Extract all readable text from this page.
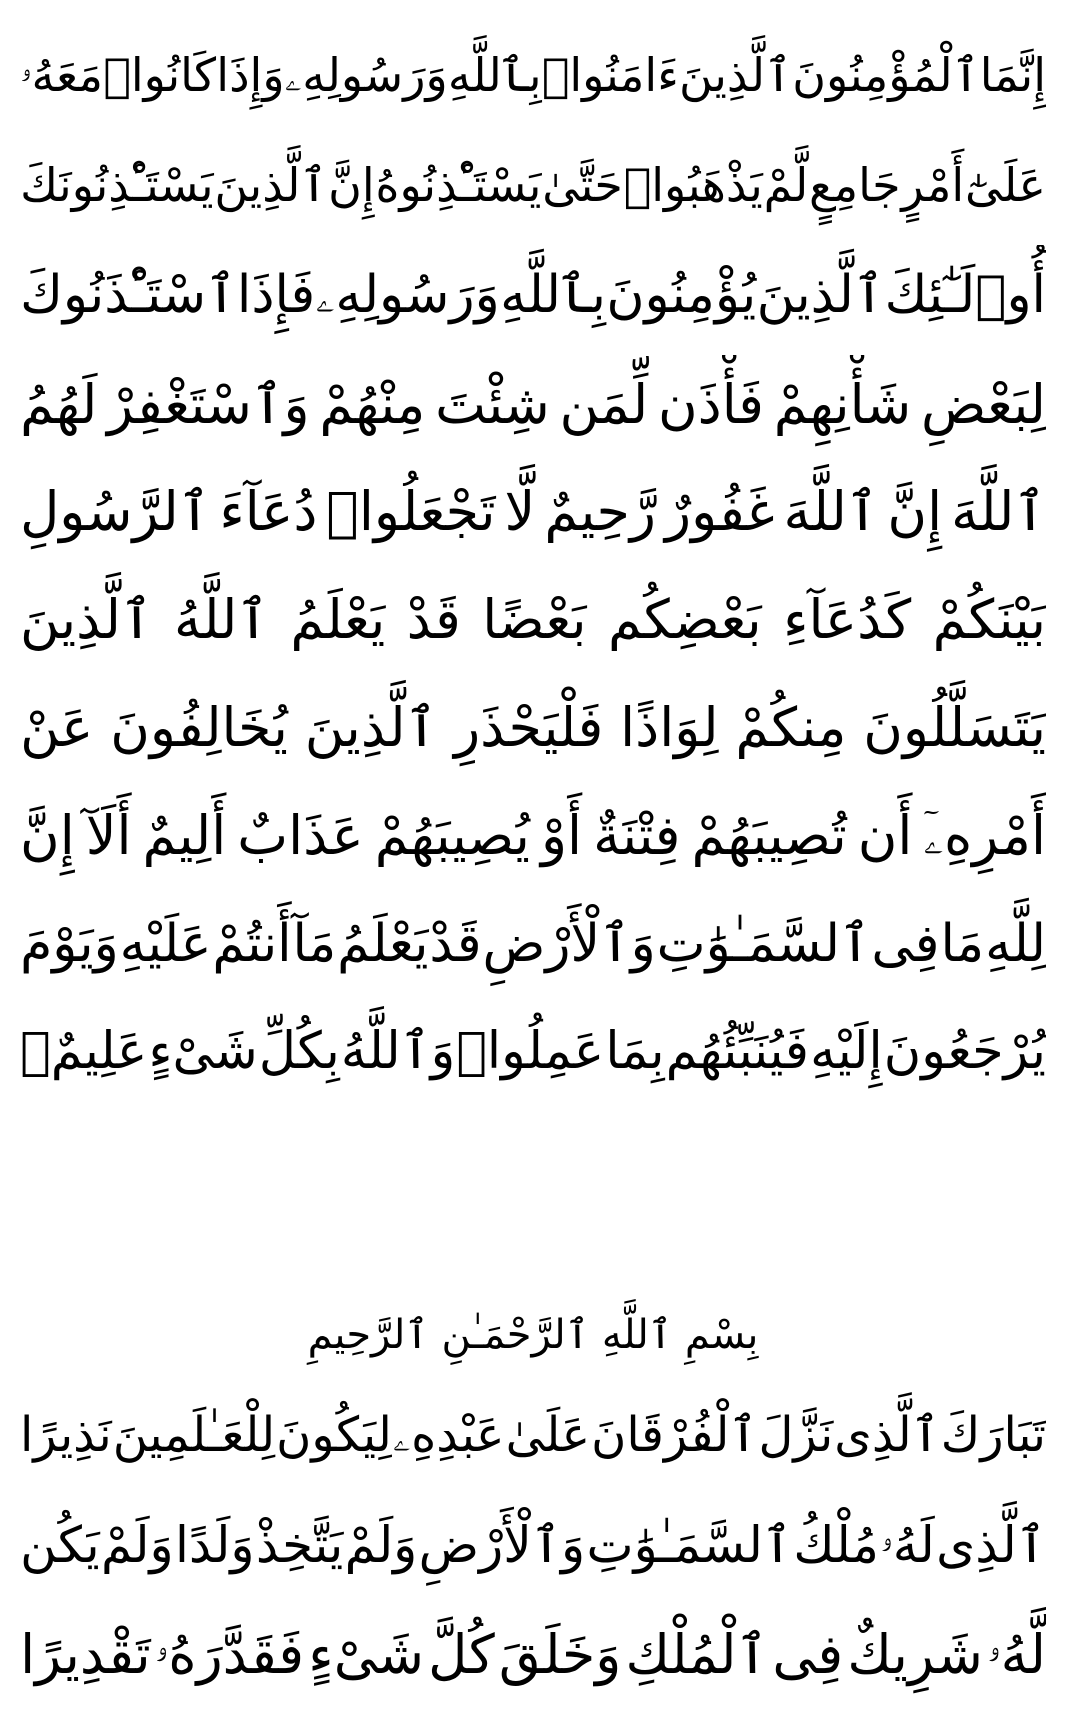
إِنَّمَا
ٱلْمُؤْمِنُونَ
ٱلَّذِينَ
ءَامَنُوا۟
بِٱللَّهِ
وَرَسُولِهِۦ
وَإِذَا
كَانُوا۟
مَعَهُۥ
عَلَىٰٓ
أَمْرٍ
جَامِعٍ
لَّمْ
يَذْهَبُوا۟
حَتَّىٰ
يَسْتَـْٔذِنُوهُ
إِنَّ
ٱلَّذِينَ
يَسْتَـْٔذِنُونَكَ
أُو۟لَـٰٓئِكَ
ٱلَّذِينَ
يُؤْمِنُونَ
بِٱللَّهِ
وَرَسُولِهِۦ
فَإِذَا
ٱسْتَـْٔذَنُوكَ
لِبَعْضِ
شَأْنِهِمْ
فَأْذَن
لِّمَن
شِئْتَ
مِنْهُمْ
وَٱسْتَغْفِرْ
لَهُمُ
ٱللَّهَ
إِنَّ
ٱللَّهَ
غَفُورٌ
رَّحِيمٌ
لَّا
تَجْعَلُوا۟
دُعَآءَ
ٱلرَّسُولِ
بَيْنَكُمْ
كَدُعَآءِ
بَعْضِكُم
بَعْضًا
قَدْ
يَعْلَمُ
ٱللَّهُ
ٱلَّذِينَ
يَتَسَلَّلُونَ
مِنكُمْ
لِوَاذًا
فَلْيَحْذَرِ
ٱلَّذِينَ
يُخَالِفُونَ
عَنْ
أَمْرِهِۦٓ
أَن
تُصِيبَهُمْ
فِتْنَةٌ
أَوْ
يُصِيبَهُمْ
عَذَابٌ
أَلِيمٌ
أَلَآ
إِنَّ
لِلَّهِ
مَا
فِى
ٱلسَّمَـٰوَٰتِ
وَٱلْأَرْضِ
قَدْ
يَعْلَمُ
مَآ
أَنتُمْ
عَلَيْهِ
وَيَوْمَ
يُرْجَعُونَ
إِلَيْهِ
فَيُنَبِّئُهُم
بِمَا
عَمِلُوا۟
وَٱللَّهُ
بِكُلِّ
شَىْءٍ
عَلِيمٌۢ
بِسْمِ ٱللَّهِ ٱلرَّحْمَـٰنِ ٱلرَّحِيمِ
تَبَارَكَ
ٱلَّذِى
نَزَّلَ
ٱلْفُرْقَانَ
عَلَىٰ
عَبْدِهِۦ
لِيَكُونَ
لِلْعَـٰلَمِينَ
نَذِيرًا
ٱلَّذِى
لَهُۥ
مُلْكُ
ٱلسَّمَـٰوَٰتِ
وَٱلْأَرْضِ
وَلَمْ
يَتَّخِذْ
وَلَدًا
وَلَمْ
يَكُن
لَّهُۥ
شَرِيكٌ
فِى
ٱلْمُلْكِ
وَخَلَقَ
كُلَّ
شَىْءٍ
فَقَدَّرَهُۥ
تَقْدِيرًا
